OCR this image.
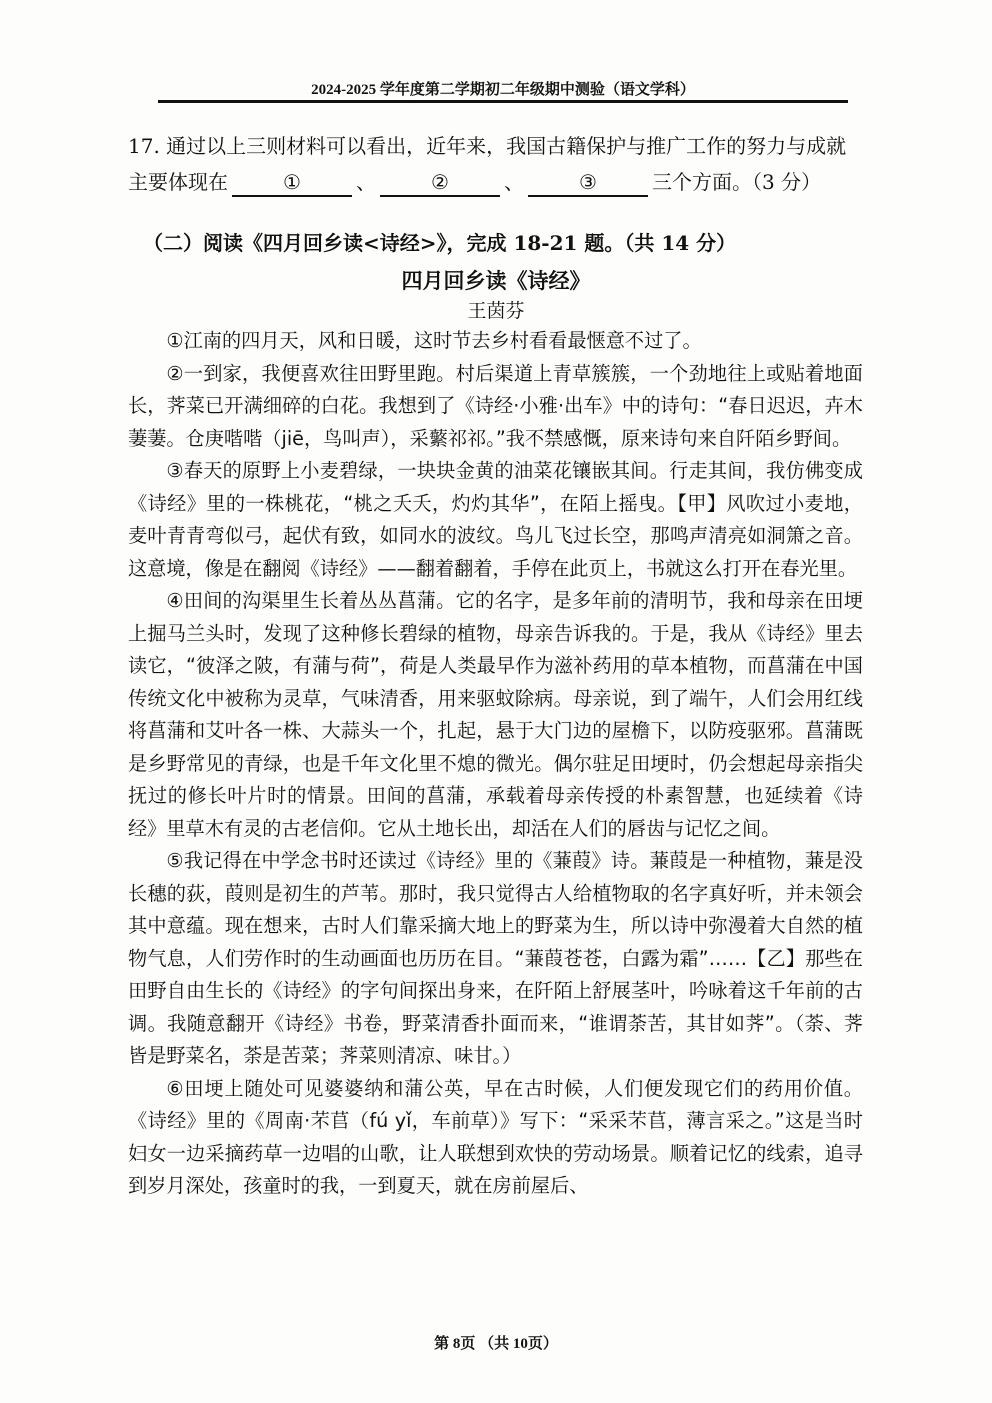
2024-2025 学年度第二学期初二年级期中测验（语文学科）
17. 通过以上三则材料可以看出，近年来，我国古籍保护与推广工作的努力与成就主要体现在	①	、	②	、	③	三个方面。（3 分）
（二）阅读《四月回乡读<诗经>》，完成 18-21 题。（共 14 分）
四月回乡读《诗经》
王茵芬

①江南的四月天，风和日暖，这时节去乡村看看最惬意不过了。

②一到家，我便喜欢往田野里跑。村后渠道上青草簇簇，一个劲地往上或贴着地面长，荠菜已开满细碎的白花。我想到了《诗经·小雅·出车》中的诗句：“春日迟迟，卉木萋萋。仓庚喈喈（jiē，鸟叫声），采蘩祁祁。”我不禁感慨，原来诗句来自阡陌乡野间。

③春天的原野上小麦碧绿，一块块金黄的油菜花镶嵌其间。行走其间，我仿佛变成《诗经》里的一株桃花，“桃之夭夭，灼灼其华”，在陌上摇曳。【甲】风吹过小麦地，麦叶青青弯似弓，起伏有致，如同水的波纹。鸟儿飞过长空，那鸣声清亮如洞箫之音。这意境，像是在翻阅《诗经》——翻着翻着，手停在此页上，书就这么打开在春光里。

④田间的沟渠里生长着丛丛菖蒲。它的名字，是多年前的清明节，我和母亲在田埂上掘马兰头时，发现了这种修长碧绿的植物，母亲告诉我的。于是，我从《诗经》里去读它，“彼泽之陂，有蒲与荷”，荷是人类最早作为滋补药用的草本植物，而菖蒲在中国传统文化中被称为灵草，气味清香，用来驱蚊除病。母亲说，到了端午，人们会用红线将菖蒲和艾叶各一株、大蒜头一个，扎起，悬于大门边的屋檐下，以防疫驱邪。菖蒲既是乡野常见的青绿，也是千年文化里不熄的微光。偶尔驻足田埂时，仍会想起母亲指尖抚过的修长叶片时的情景。田间的菖蒲，承载着母亲传授的朴素智慧，也延续着《诗经》里草木有灵的古老信仰。它从土地长出，却活在人们的唇齿与记忆之间。

⑤我记得在中学念书时还读过《诗经》里的《蒹葭》诗。蒹葭是一种植物，蒹是没长穗的荻，葭则是初生的芦苇。那时，我只觉得古人给植物取的名字真好听，并未领会其中意蕴。现在想来，古时人们靠采摘大地上的野菜为生，所以诗中弥漫着大自然的植物气息，人们劳作时的生动画面也历历在目。“蒹葭苍苍，白露为霜”……【乙】那些在田野自由生长的《诗经》的字句间探出身来，在阡陌上舒展茎叶，吟咏着这千年前的古调。我随意翻开《诗经》书卷，野菜清香扑面而来，“谁谓荼苦，其甘如荠”。（荼、荠皆是野菜名，荼是苦菜；荠菜则清凉、味甘。）

⑥田埂上随处可见婆婆纳和蒲公英，早在古时候，人们便发现它们的药用价值。《诗经》里的《周南·芣苢（fú yǐ，车前草）》写下：“采采芣苢，薄言采之。”这是当时妇女一边采摘药草一边唱的山歌，让人联想到欢快的劳动场景。顺着记忆的线索，追寻到岁月深处，孩童时的我，一到夏天，就在房前屋后、

第 8页 （共 10页）
